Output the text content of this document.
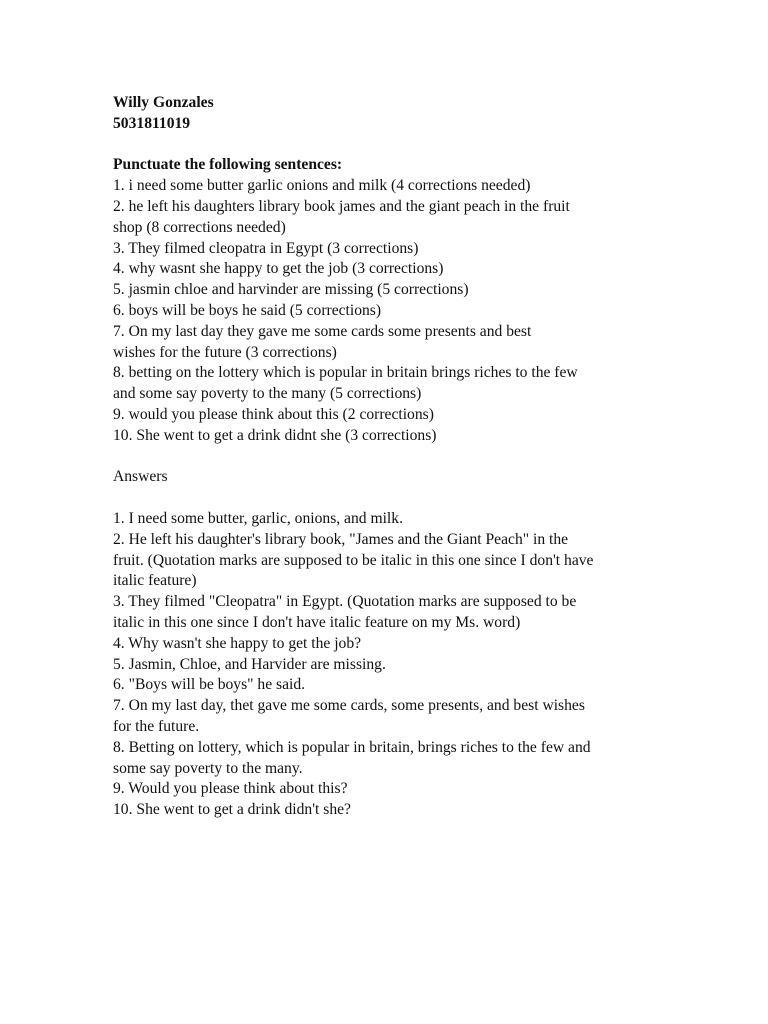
Willy Gonzales
5031811019
Punctuate the following sentences:
1. i need some butter garlic onions and milk (4 corrections needed)
2. he left his daughters library book james and the giant peach in the fruit
shop (8 corrections needed)
3. They filmed cleopatra in Egypt (3 corrections)
4. why wasnt she happy to get the job (3 corrections)
5. jasmin chloe and harvinder are missing (5 corrections)
6. boys will be boys he said (5 corrections)
7. On my last day they gave me some cards some presents and best
wishes for the future (3 corrections)
8. betting on the lottery which is popular in britain brings riches to the few
and some say poverty to the many (5 corrections)
9. would you please think about this (2 corrections)
10. She went to get a drink didnt she (3 corrections)
Answers
1. I need some butter, garlic, onions, and milk.
2. He left his daughter's library book, "James and the Giant Peach" in the
fruit. (Quotation marks are supposed to be italic in this one since I don't have
italic feature)
3. They filmed "Cleopatra" in Egypt. (Quotation marks are supposed to be
italic in this one since I don't have italic feature on my Ms. word)
4. Why wasn't she happy to get the job?
5. Jasmin, Chloe, and Harvider are missing.
6. "Boys will be boys" he said.
7. On my last day, thet gave me some cards, some presents, and best wishes
for the future.
8. Betting on lottery, which is popular in britain, brings riches to the few and
some say poverty to the many.
9. Would you please think about this?
10. She went to get a drink didn't she?
